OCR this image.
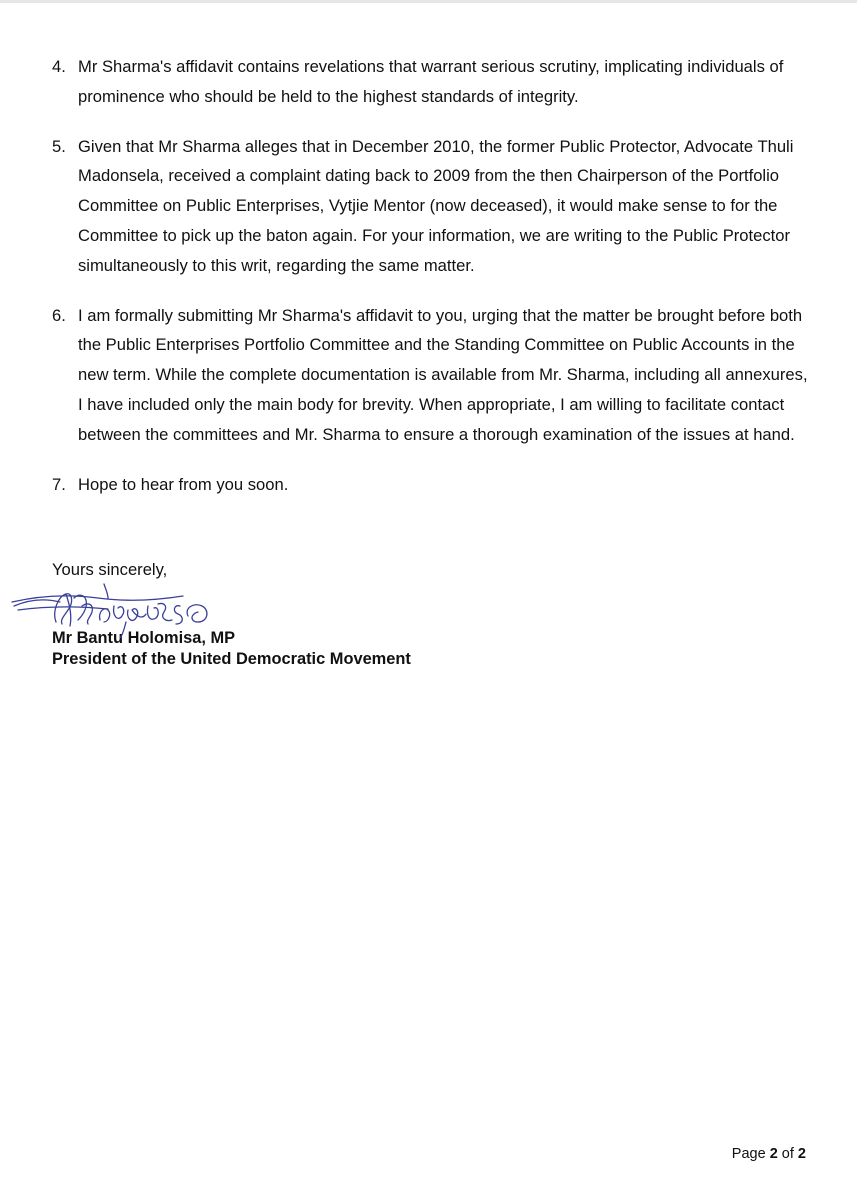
4. Mr Sharma's affidavit contains revelations that warrant serious scrutiny, implicating individuals of prominence who should be held to the highest standards of integrity.
5. Given that Mr Sharma alleges that in December 2010, the former Public Protector, Advocate Thuli Madonsela, received a complaint dating back to 2009 from the then Chairperson of the Portfolio Committee on Public Enterprises, Vytjie Mentor (now deceased), it would make sense to for the Committee to pick up the baton again. For your information, we are writing to the Public Protector simultaneously to this writ, regarding the same matter.
6. I am formally submitting Mr Sharma's affidavit to you, urging that the matter be brought before both the Public Enterprises Portfolio Committee and the Standing Committee on Public Accounts in the new term. While the complete documentation is available from Mr. Sharma, including all annexures, I have included only the main body for brevity. When appropriate, I am willing to facilitate contact between the committees and Mr. Sharma to ensure a thorough examination of the issues at hand.
7. Hope to hear from you soon.
Yours sincerely,

Mr Bantu Holomisa, MP

President of the United Democratic Movement

Page 2 of 2
